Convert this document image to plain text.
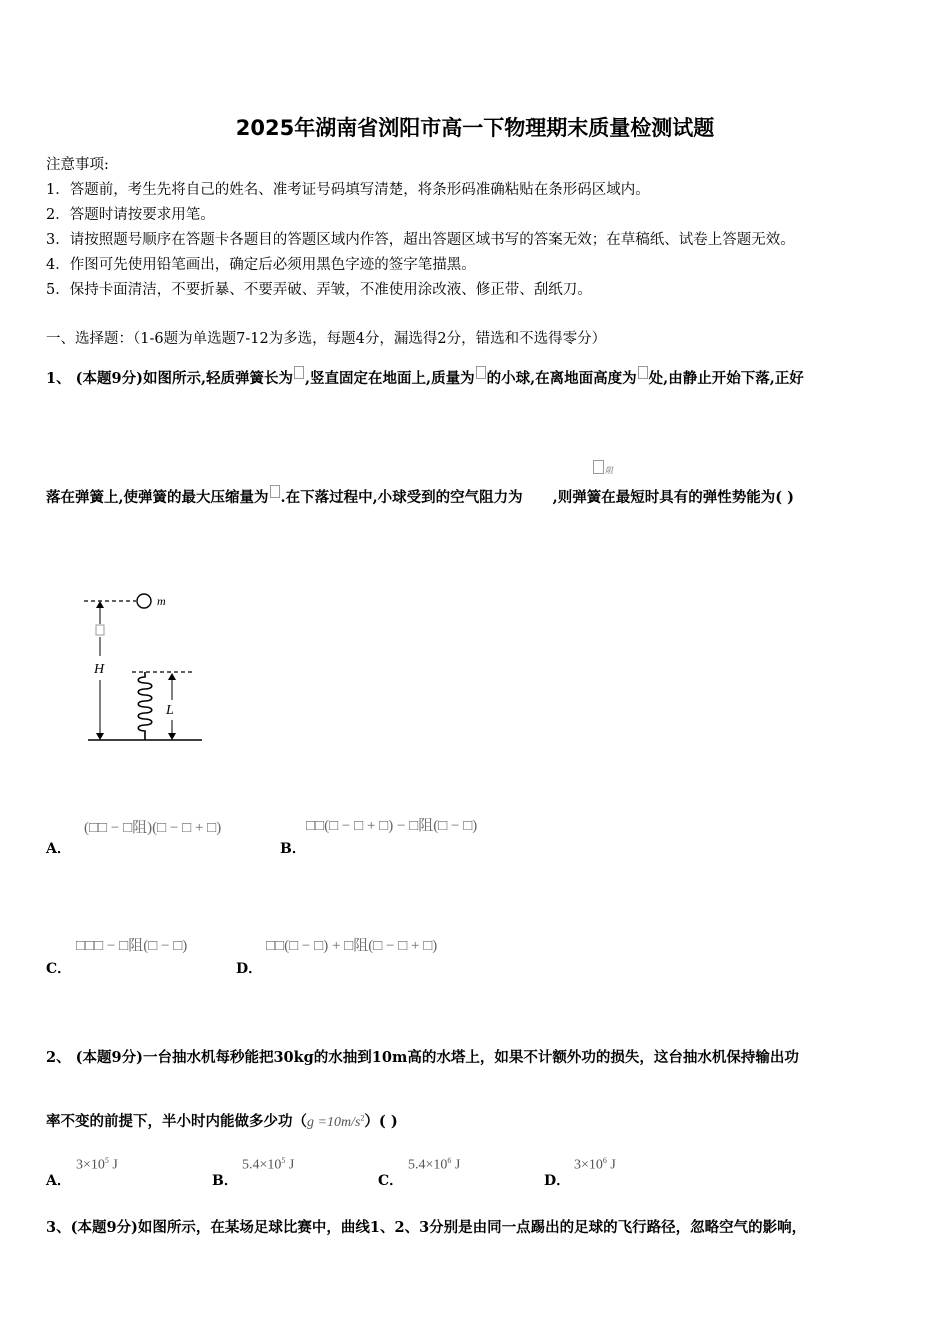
2025年湖南省浏阳市高一下物理期末质量检测试题
注意事项:
1．答题前，考生先将自己的姓名、准考证号码填写清楚，将条形码准确粘贴在条形码区域内。
2．答题时请按要求用笔。
3．请按照题号顺序在答题卡各题目的答题区域内作答，超出答题区域书写的答案无效；在草稿纸、试卷上答题无效。
4．作图可先使用铅笔画出，确定后必须用黑色字迹的签字笔描黑。
5．保持卡面清洁，不要折暴、不要弄破、弄皱，不准使用涂改液、修正带、刮纸刀。
一、选择题：（1-6题为单选题7-12为多选，每题4分，漏选得2分，错选和不选得零分）
1、 (本题9分)如图所示,轻质弹簧长为 ,竖直固定在地面上,质量为 的小球,在离地面高度为 处,由静止开始下落,正好
落在弹簧上,使弹簧的最大压缩量为 .在下落过程中,小球受到的空气阻力为 ,则弹簧在最短时具有的弹性势能为( )
阻
m
H
L
A．
(□□ − □阻)(□ − □ + □)
B．
□□(□ − □ + □) − □阻(□ − □)
C．
□□□ − □阻(□ − □)
D．
□□(□ − □) + □阻(□ − □ + □)
2、 (本题9分)一台抽水机每秒能把30kg的水抽到10m高的水塔上，如果不计额外功的损失，这台抽水机保持输出功
率不变的前提下，半小时内能做多少功$(g =10m/s^2)$( )
A．
$3\times 10^5$ J
B．
$5.4\times 10^5$ J
C．
$5.4\times 10^6$ J
D．
$3\times 10^6$ J
3、(本题9分)如图所示，在某场足球比赛中，曲线1、2、3分别是由同一点踢出的足球的飞行路径，忽略空气的影响，
